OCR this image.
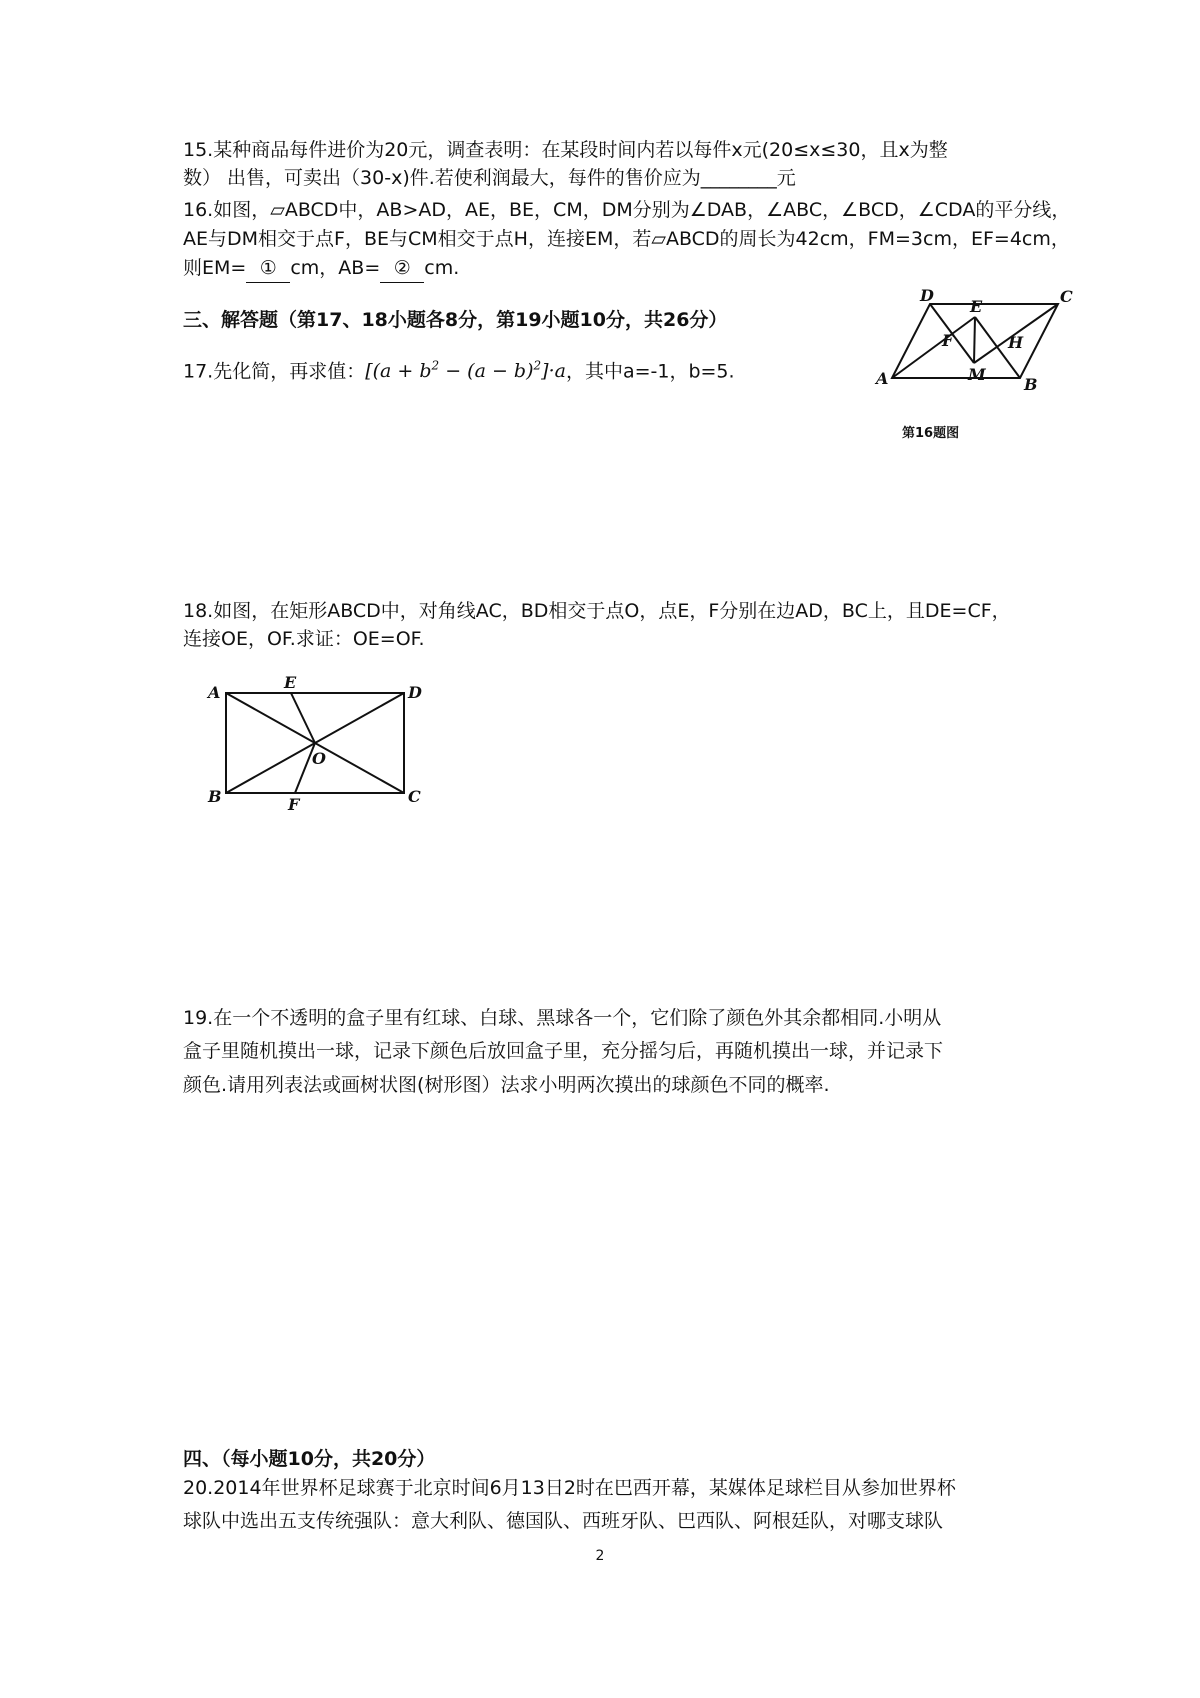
15.某种商品每件进价为20元，调查表明：在某段时间内若以每件x元(20≤x≤30，且x为整
数） 出售，可卖出（30-x)件.若使利润最大，每件的售价应为________元
16.如图，▱ABCD中，AB>AD，AE，BE，CM，DM分别为∠DAB，∠ABC，∠BCD，∠CDA的平分线，
AE与DM相交于点F，BE与CM相交于点H，连接EM，若▱ABCD的周长为42cm，FM=3cm，EF=4cm，
则EM= ① cm，AB= ② cm.
D	C
E
F	H
M
A	B
第16题图
三、解答题（第17、18小题各8分，第19小题10分，共26分）
17.先化简，再求值：[$(a + b^2 - (a - b)^2]\cdot a$，其中a=-1，b=5.
18.如图，在矩形ABCD中，对角线AC，BD相交于点O，点E，F分别在边AD，BC上，且DE=CF，
连接OE，OF.求证：OE=OF.
A
E
D
O
B	F	C
19.在一个不透明的盒子里有红球、白球、黑球各一个，它们除了颜色外其余都相同.小明从
盒子里随机摸出一球，记录下颜色后放回盒子里，充分摇匀后，再随机摸出一球，并记录下
颜色.请用列表法或画树状图(树形图）法求小明两次摸出的球颜色不同的概率.
四、（每小题10分，共20分）
20.2014年世界杯足球赛于北京时间6月13日2时在巴西开幕，某媒体足球栏目从参加世界杯
球队中选出五支传统强队：意大利队、德国队、西班牙队、巴西队、阿根廷队，对哪支球队
2
